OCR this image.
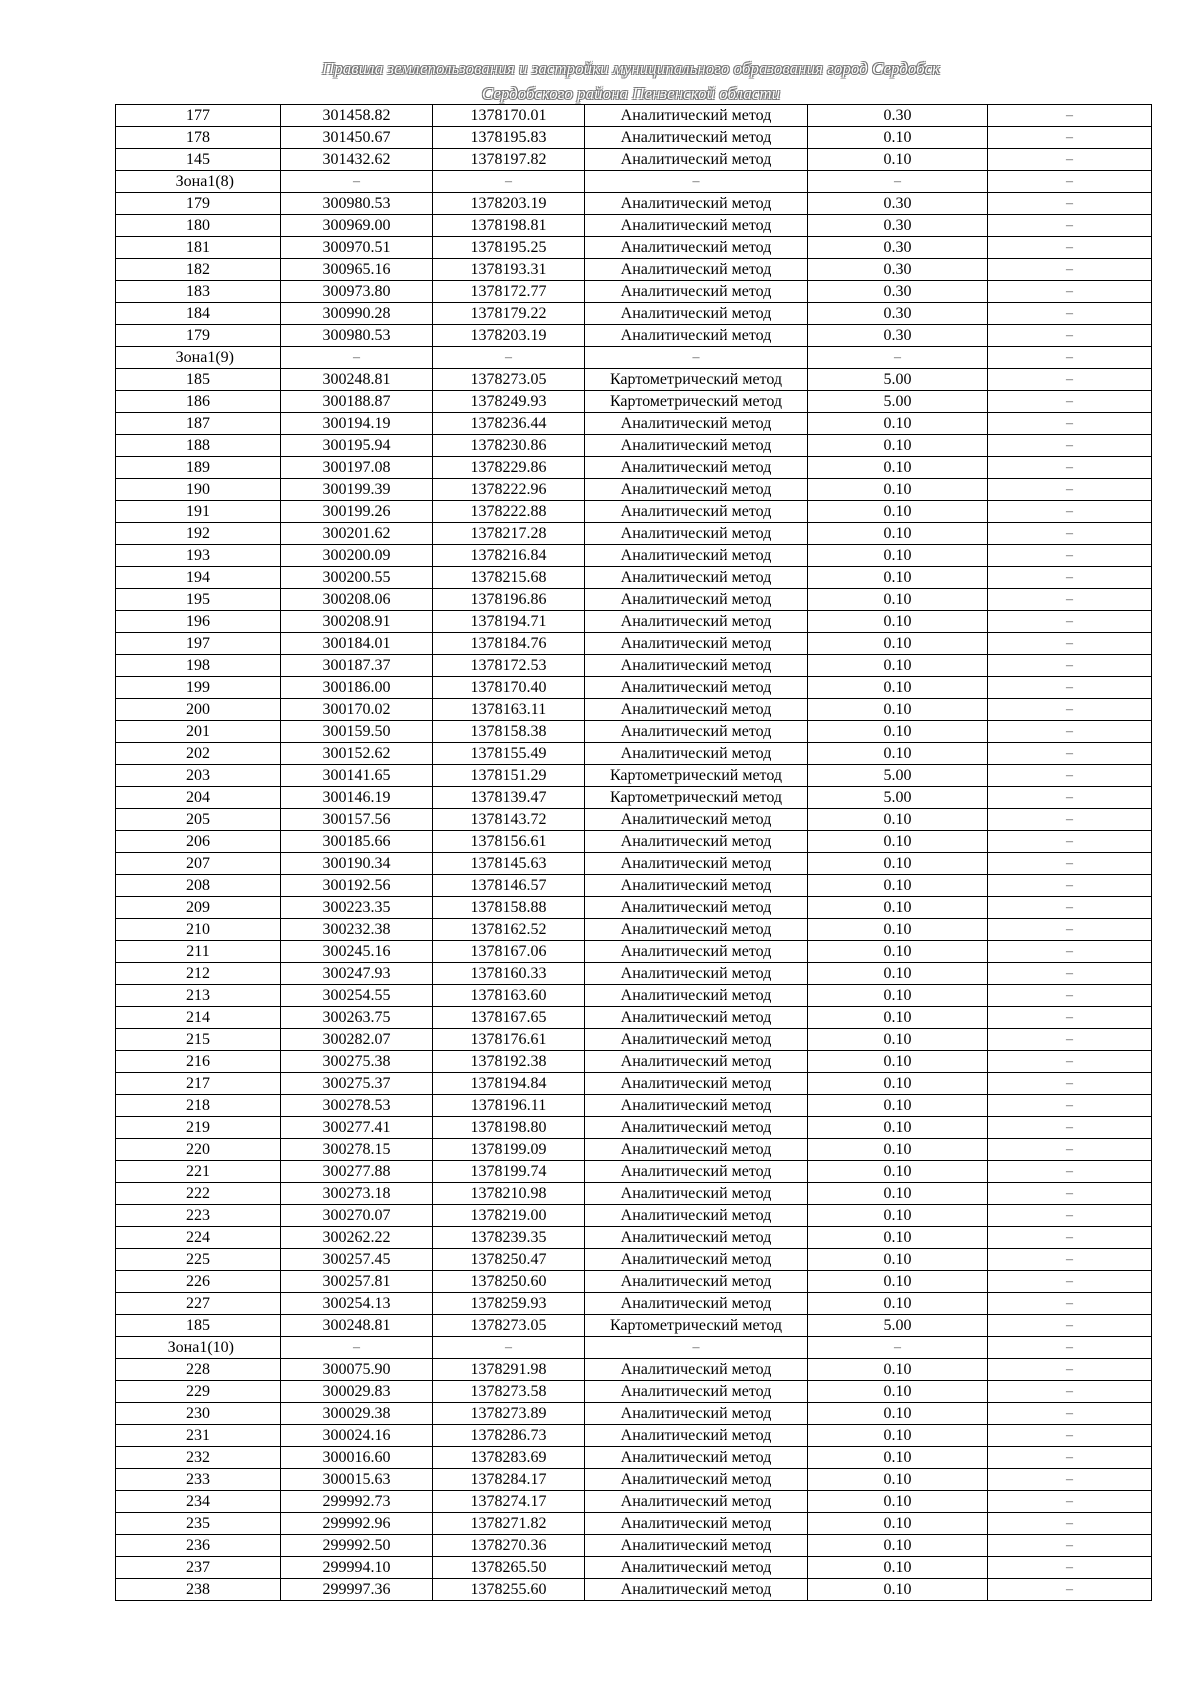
Правила землепользования и застройки муниципального образования город Сердобск
Сердобского района Пензенской области
177	301458.82	1378170.01	Аналитический метод	0.30	–
178	301450.67	1378195.83	Аналитический метод	0.10	–
145	301432.62	1378197.82	Аналитический метод	0.10	–
Зона1(8)	–	–	–	–	–
179	300980.53	1378203.19	Аналитический метод	0.30	–
180	300969.00	1378198.81	Аналитический метод	0.30	–
181	300970.51	1378195.25	Аналитический метод	0.30	–
182	300965.16	1378193.31	Аналитический метод	0.30	–
183	300973.80	1378172.77	Аналитический метод	0.30	–
184	300990.28	1378179.22	Аналитический метод	0.30	–
179	300980.53	1378203.19	Аналитический метод	0.30	–
Зона1(9)	–	–	–	–	–
185	300248.81	1378273.05	Картометрический метод	5.00	–
186	300188.87	1378249.93	Картометрический метод	5.00	–
187	300194.19	1378236.44	Аналитический метод	0.10	–
188	300195.94	1378230.86	Аналитический метод	0.10	–
189	300197.08	1378229.86	Аналитический метод	0.10	–
190	300199.39	1378222.96	Аналитический метод	0.10	–
191	300199.26	1378222.88	Аналитический метод	0.10	–
192	300201.62	1378217.28	Аналитический метод	0.10	–
193	300200.09	1378216.84	Аналитический метод	0.10	–
194	300200.55	1378215.68	Аналитический метод	0.10	–
195	300208.06	1378196.86	Аналитический метод	0.10	–
196	300208.91	1378194.71	Аналитический метод	0.10	–
197	300184.01	1378184.76	Аналитический метод	0.10	–
198	300187.37	1378172.53	Аналитический метод	0.10	–
199	300186.00	1378170.40	Аналитический метод	0.10	–
200	300170.02	1378163.11	Аналитический метод	0.10	–
201	300159.50	1378158.38	Аналитический метод	0.10	–
202	300152.62	1378155.49	Аналитический метод	0.10	–
203	300141.65	1378151.29	Картометрический метод	5.00	–
204	300146.19	1378139.47	Картометрический метод	5.00	–
205	300157.56	1378143.72	Аналитический метод	0.10	–
206	300185.66	1378156.61	Аналитический метод	0.10	–
207	300190.34	1378145.63	Аналитический метод	0.10	–
208	300192.56	1378146.57	Аналитический метод	0.10	–
209	300223.35	1378158.88	Аналитический метод	0.10	–
210	300232.38	1378162.52	Аналитический метод	0.10	–
211	300245.16	1378167.06	Аналитический метод	0.10	–
212	300247.93	1378160.33	Аналитический метод	0.10	–
213	300254.55	1378163.60	Аналитический метод	0.10	–
214	300263.75	1378167.65	Аналитический метод	0.10	–
215	300282.07	1378176.61	Аналитический метод	0.10	–
216	300275.38	1378192.38	Аналитический метод	0.10	–
217	300275.37	1378194.84	Аналитический метод	0.10	–
218	300278.53	1378196.11	Аналитический метод	0.10	–
219	300277.41	1378198.80	Аналитический метод	0.10	–
220	300278.15	1378199.09	Аналитический метод	0.10	–
221	300277.88	1378199.74	Аналитический метод	0.10	–
222	300273.18	1378210.98	Аналитический метод	0.10	–
223	300270.07	1378219.00	Аналитический метод	0.10	–
224	300262.22	1378239.35	Аналитический метод	0.10	–
225	300257.45	1378250.47	Аналитический метод	0.10	–
226	300257.81	1378250.60	Аналитический метод	0.10	–
227	300254.13	1378259.93	Аналитический метод	0.10	–
185	300248.81	1378273.05	Картометрический метод	5.00	–
Зона1(10)	–	–	–	–	–
228	300075.90	1378291.98	Аналитический метод	0.10	–
229	300029.83	1378273.58	Аналитический метод	0.10	–
230	300029.38	1378273.89	Аналитический метод	0.10	–
231	300024.16	1378286.73	Аналитический метод	0.10	–
232	300016.60	1378283.69	Аналитический метод	0.10	–
233	300015.63	1378284.17	Аналитический метод	0.10	–
234	299992.73	1378274.17	Аналитический метод	0.10	–
235	299992.96	1378271.82	Аналитический метод	0.10	–
236	299992.50	1378270.36	Аналитический метод	0.10	–
237	299994.10	1378265.50	Аналитический метод	0.10	–
238	299997.36	1378255.60	Аналитический метод	0.10	–
